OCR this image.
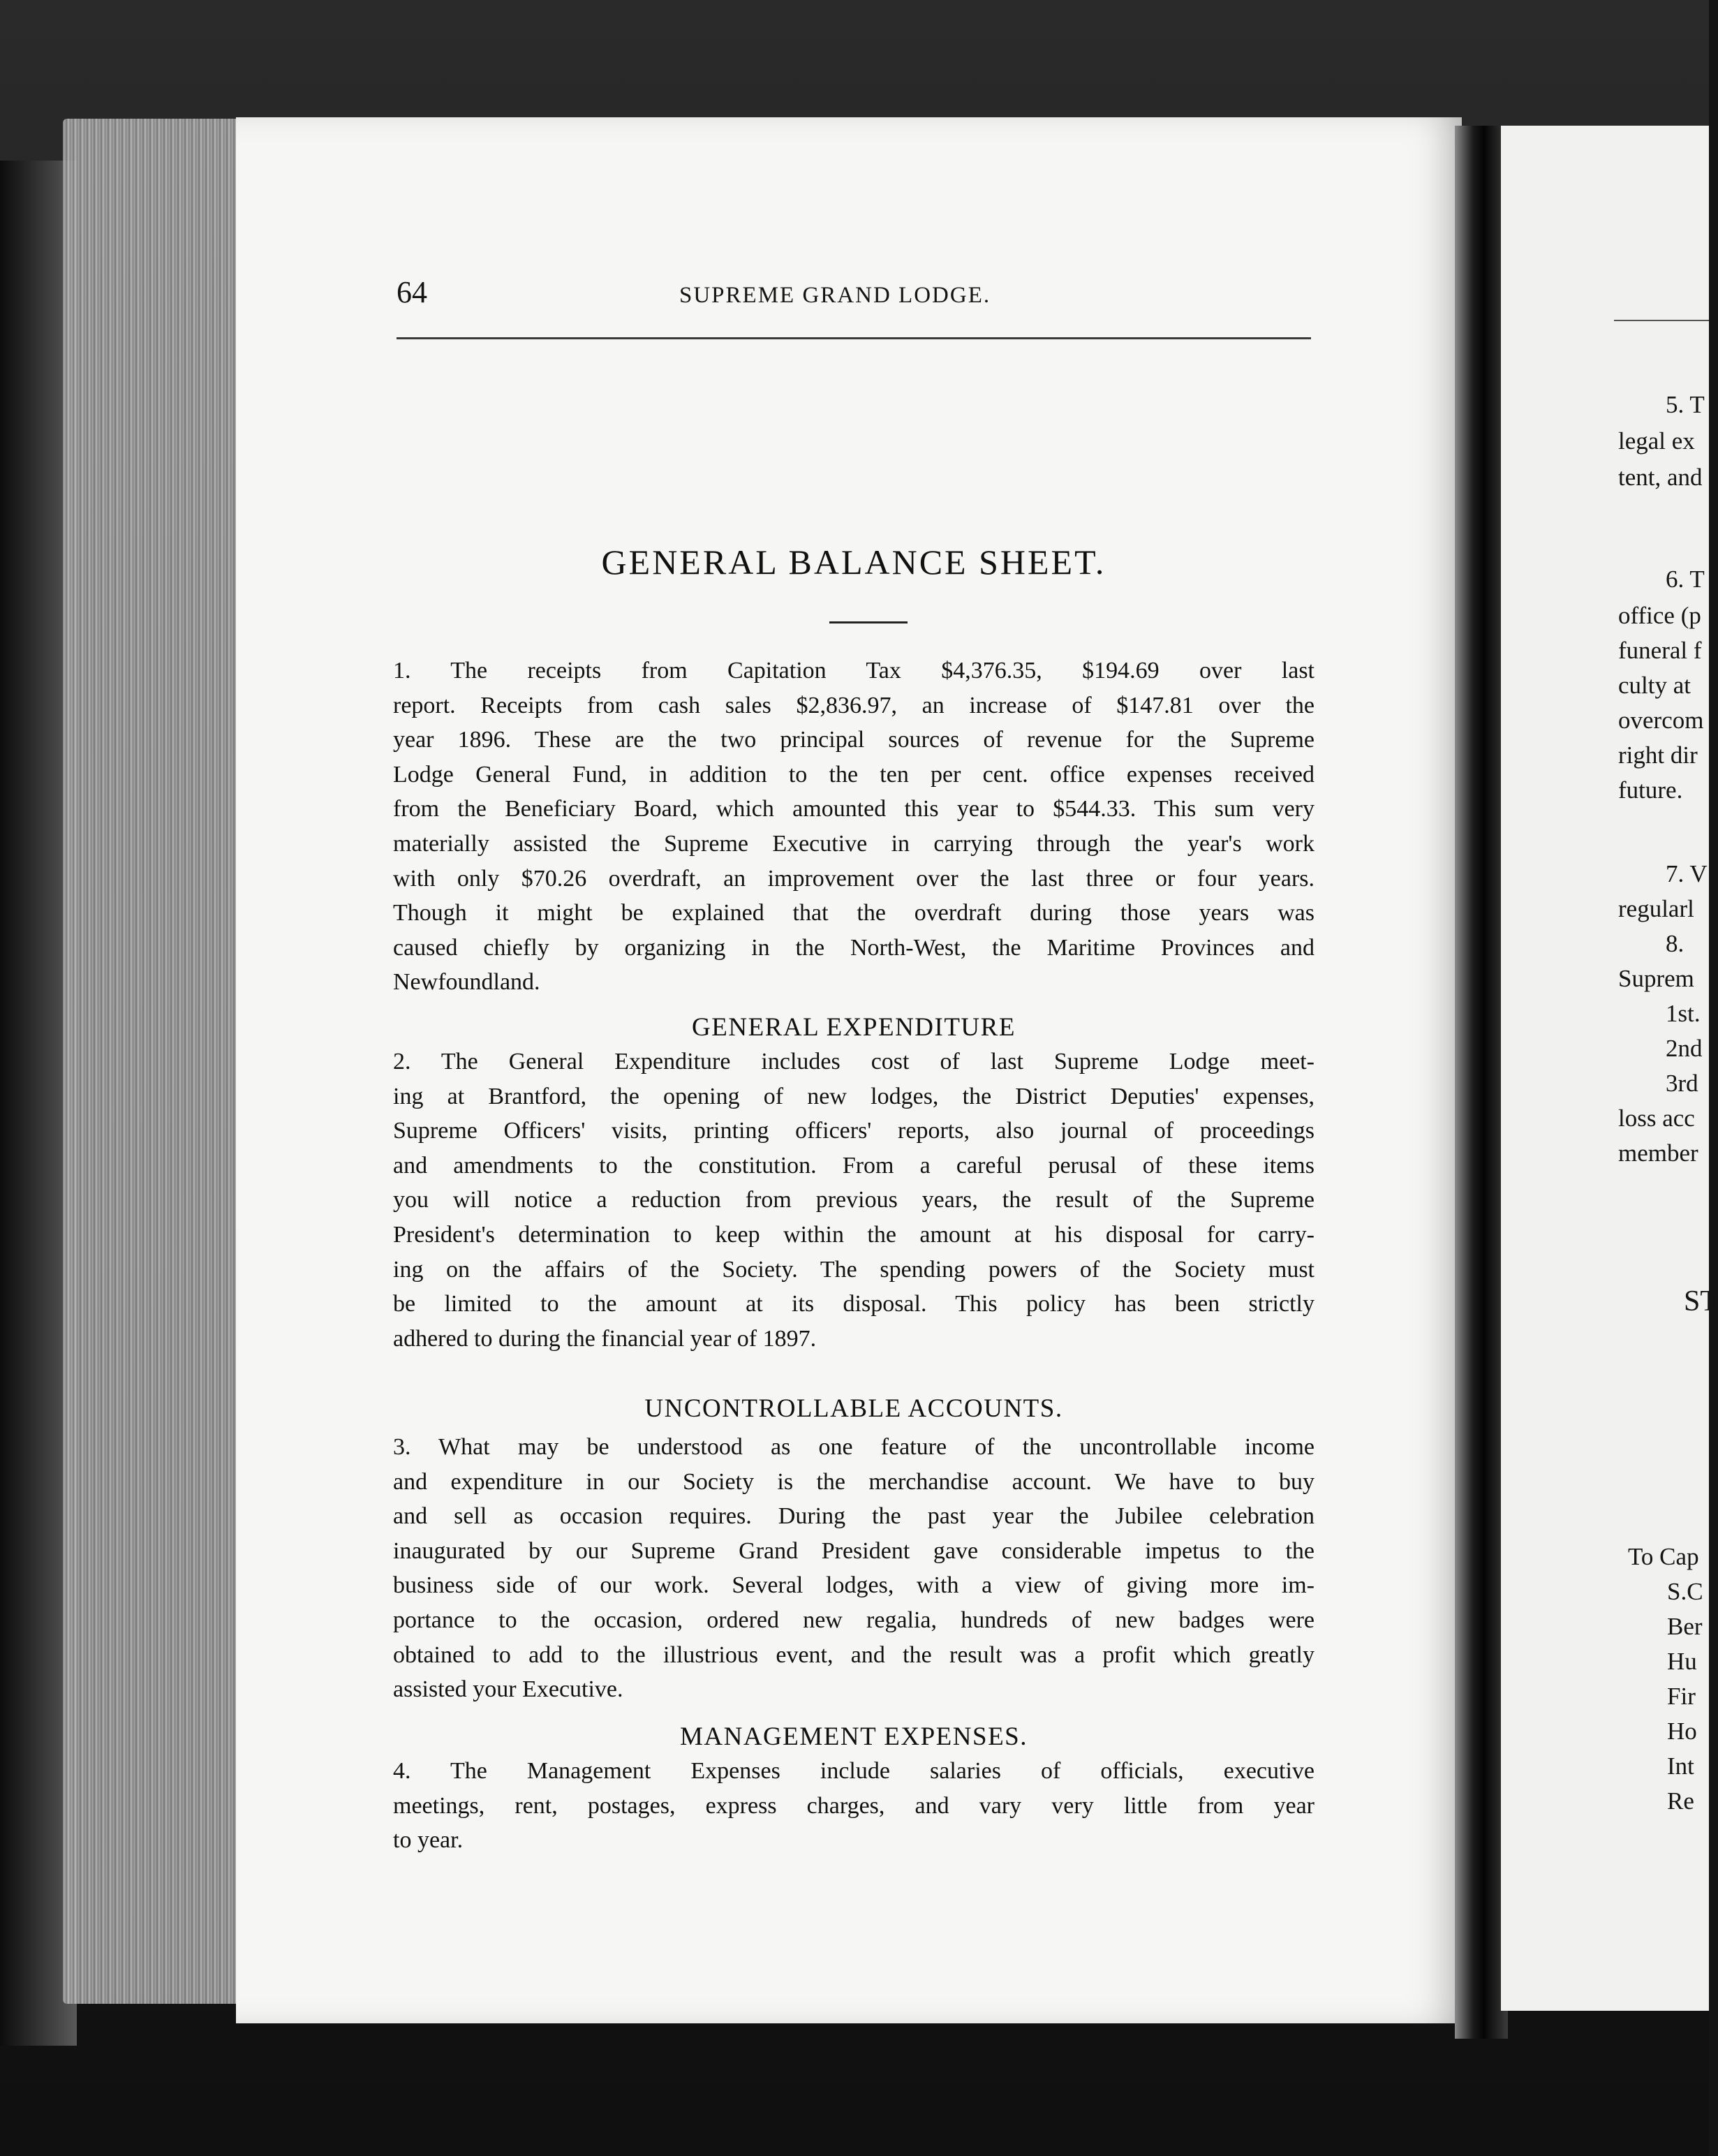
64	SUPREME GRAND LODGE.
GENERAL BALANCE SHEET.
1. The receipts from Capitation Tax $4,376.35, $194.69 over last
report. Receipts from cash sales $2,836.97, an increase of $147.81 over the
year 1896. These are the two principal sources of revenue for the Supreme
Lodge General Fund, in addition to the ten per cent. office expenses received
from the Beneficiary Board, which amounted this year to $544.33. This sum very
materially assisted the Supreme Executive in carrying through the year's work
with only $70.26 overdraft, an improvement over the last three or four years.
Though it might be explained that the overdraft during those years was
caused chiefly by organizing in the North-West, the Maritime Provinces and
Newfoundland.
GENERAL EXPENDITURE
2. The General Expenditure includes cost of last Supreme Lodge meet-
ing at Brantford, the opening of new lodges, the District Deputies' expenses,
Supreme Officers' visits, printing officers' reports, also journal of proceedings
and amendments to the constitution. From a careful perusal of these items
you will notice a reduction from previous years, the result of the Supreme
President's determination to keep within the amount at his disposal for carry-
ing on the affairs of the Society. The spending powers of the Society must
be limited to the amount at its disposal. This policy has been strictly
adhered to during the financial year of 1897.
UNCONTROLLABLE ACCOUNTS.
3. What may be understood as one feature of the uncontrollable income
and expenditure in our Society is the merchandise account. We have to buy
and sell as occasion requires. During the past year the Jubilee celebration
inaugurated by our Supreme Grand President gave considerable impetus to the
business side of our work. Several lodges, with a view of giving more im-
portance to the occasion, ordered new regalia, hundreds of new badges were
obtained to add to the illustrious event, and the result was a profit which greatly
assisted your Executive.
MANAGEMENT EXPENSES.
4. The Management Expenses include salaries of officials, executive
meetings, rent, postages, express charges, and vary very little from year
to year.
5. T
legal ex
tent, and
6. T
office (p
funeral f
culty at
overcom
right dir
future.
7. V
regularl
8.
Suprem
1st.
2nd
3rd
loss acc
member
ST
To Cap
S.C
Ber
Hu
Fir
Ho
Int
Re
